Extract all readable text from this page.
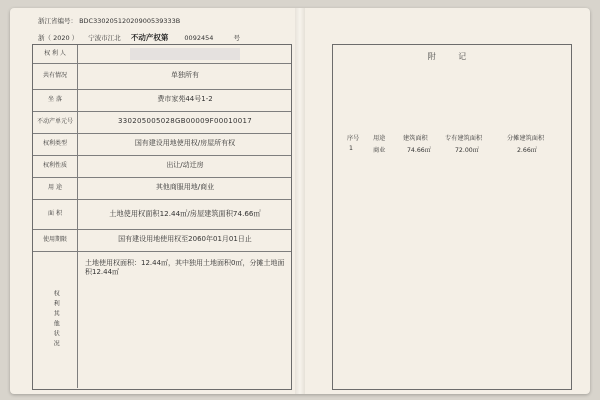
浙江省编号： BDC33020512020900539333B
浙（ 2020 ） 宁波市江北 不动产权第 0092454	号
权 利 人
共有情况	单独所有
坐 落	费市家苑44号1-2
不动产单元号	330205005028GB00009F00010017
权利类型	国有建设用地使用权/房屋所有权
权利性质	出让/动迁房
用 途	其他商服用地/商业
面 积	土地使用权面积12.44㎡/房屋建筑面积74.66㎡
使用期限	国有建设用地使用权至2060年01月01日止
权利其他状况
土地使用权面积：12.44㎡，其中独用土地面积0㎡，分摊土地面积12.44㎡
附 记
序号 用途	建筑面积	专有建筑面积	分摊建筑面积
1	商业	74.66㎡	72.00㎡	2.66㎡
